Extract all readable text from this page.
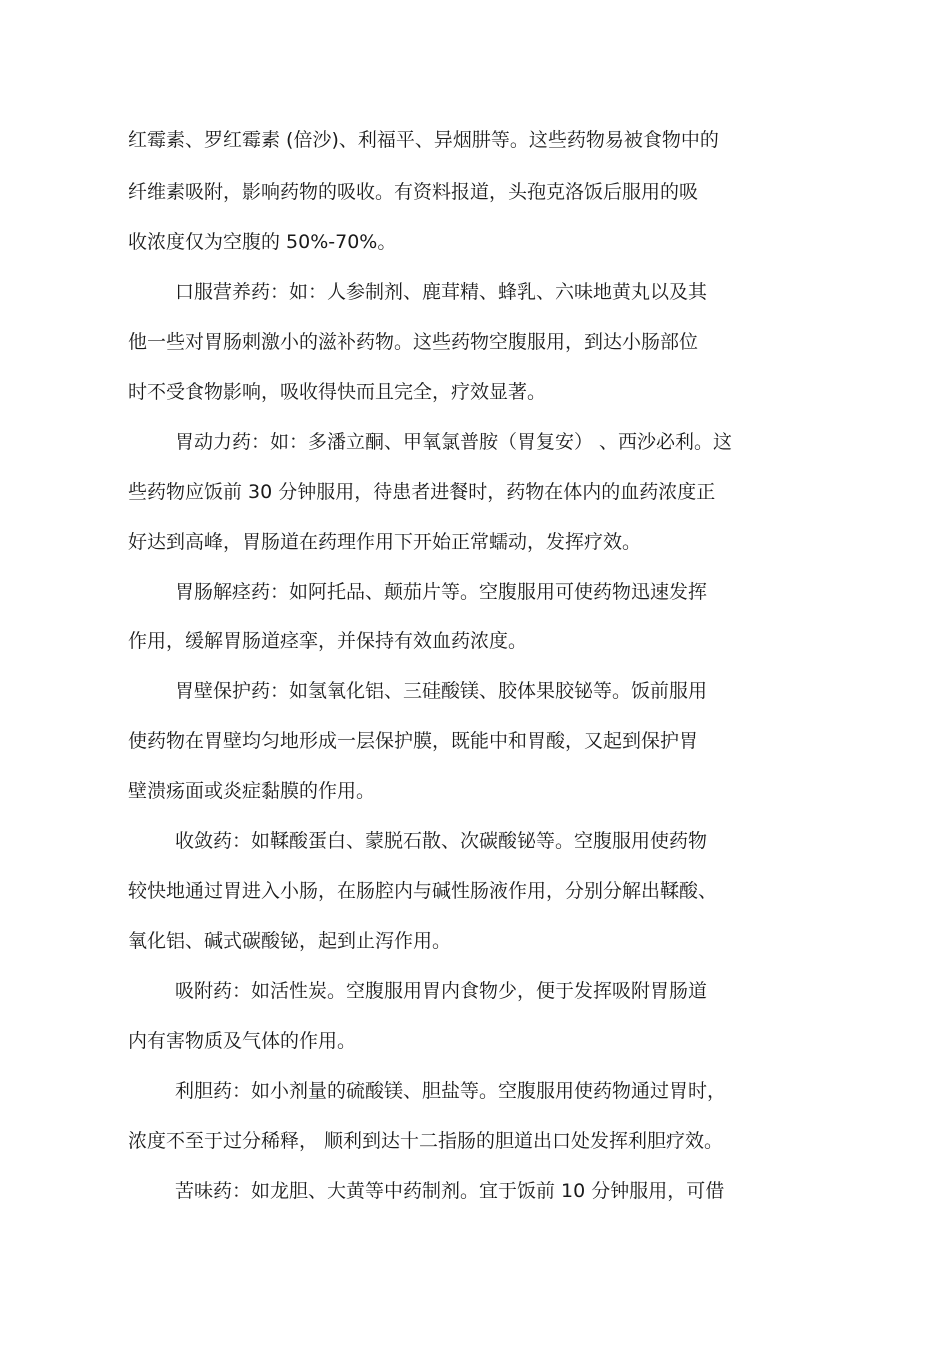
红霉素、罗红霉素 (倍沙)、利福平、异烟肼等。这些药物易被食物中的
纤维素吸附，影响药物的吸收。有资料报道，头孢克洛饭后服用的吸
收浓度仅为空腹的 50%-70%。
口服营养药：如：人参制剂、鹿茸精、蜂乳、六味地黄丸以及其
他一些对胃肠刺激小的滋补药物。这些药物空腹服用，到达小肠部位
时不受食物影响，吸收得快而且完全，疗效显著。
胃动力药：如：多潘立酮、甲氧氯普胺（胃复安） 、西沙必利。这
些药物应饭前 30 分钟服用，待患者进餐时，药物在体内的血药浓度正
好达到高峰，胃肠道在药理作用下开始正常蠕动，发挥疗效。
胃肠解痉药：如阿托品、颠茄片等。空腹服用可使药物迅速发挥
作用，缓解胃肠道痉挛，并保持有效血药浓度。
胃壁保护药：如氢氧化铝、三硅酸镁、胶体果胶铋等。饭前服用
使药物在胃壁均匀地形成一层保护膜，既能中和胃酸，又起到保护胃
壁溃疡面或炎症黏膜的作用。
收敛药：如鞣酸蛋白、蒙脱石散、次碳酸铋等。空腹服用使药物
较快地通过胃进入小肠，在肠腔内与碱性肠液作用，分别分解出鞣酸、
氧化铝、碱式碳酸铋，起到止泻作用。
吸附药：如活性炭。空腹服用胃内食物少，便于发挥吸附胃肠道
内有害物质及气体的作用。
利胆药：如小剂量的硫酸镁、胆盐等。空腹服用使药物通过胃时，
浓度不至于过分稀释， 顺利到达十二指肠的胆道出口处发挥利胆疗效。
苦味药：如龙胆、大黄等中药制剂。宜于饭前 10 分钟服用，可借
